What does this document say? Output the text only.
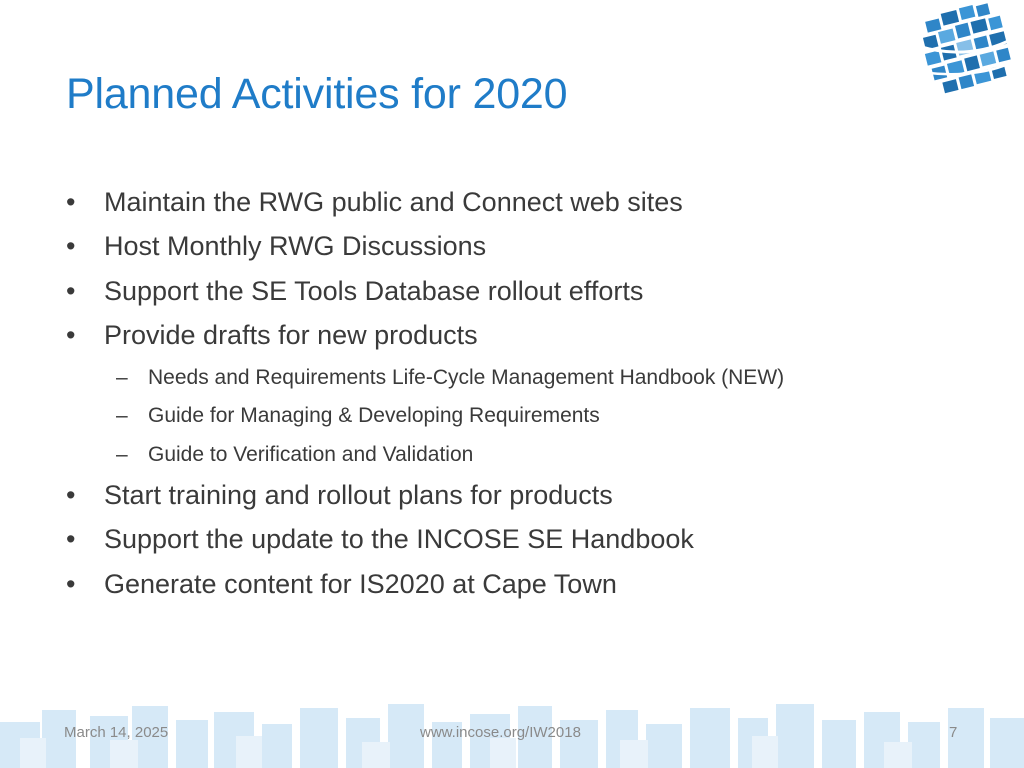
Planned Activities for 2020
• Maintain the RWG public and Connect web sites
• Host Monthly RWG Discussions
• Support the SE Tools Database rollout efforts
• Provide drafts for new products
– Needs and Requirements Life-Cycle Management Handbook (NEW)
– Guide for Managing & Developing Requirements
– Guide to Verification and Validation
• Start training and rollout plans for products
• Support the update to the INCOSE SE Handbook
• Generate content for IS2020 at Cape Town
March 14, 2025	www.incose.org/IW2018	7
